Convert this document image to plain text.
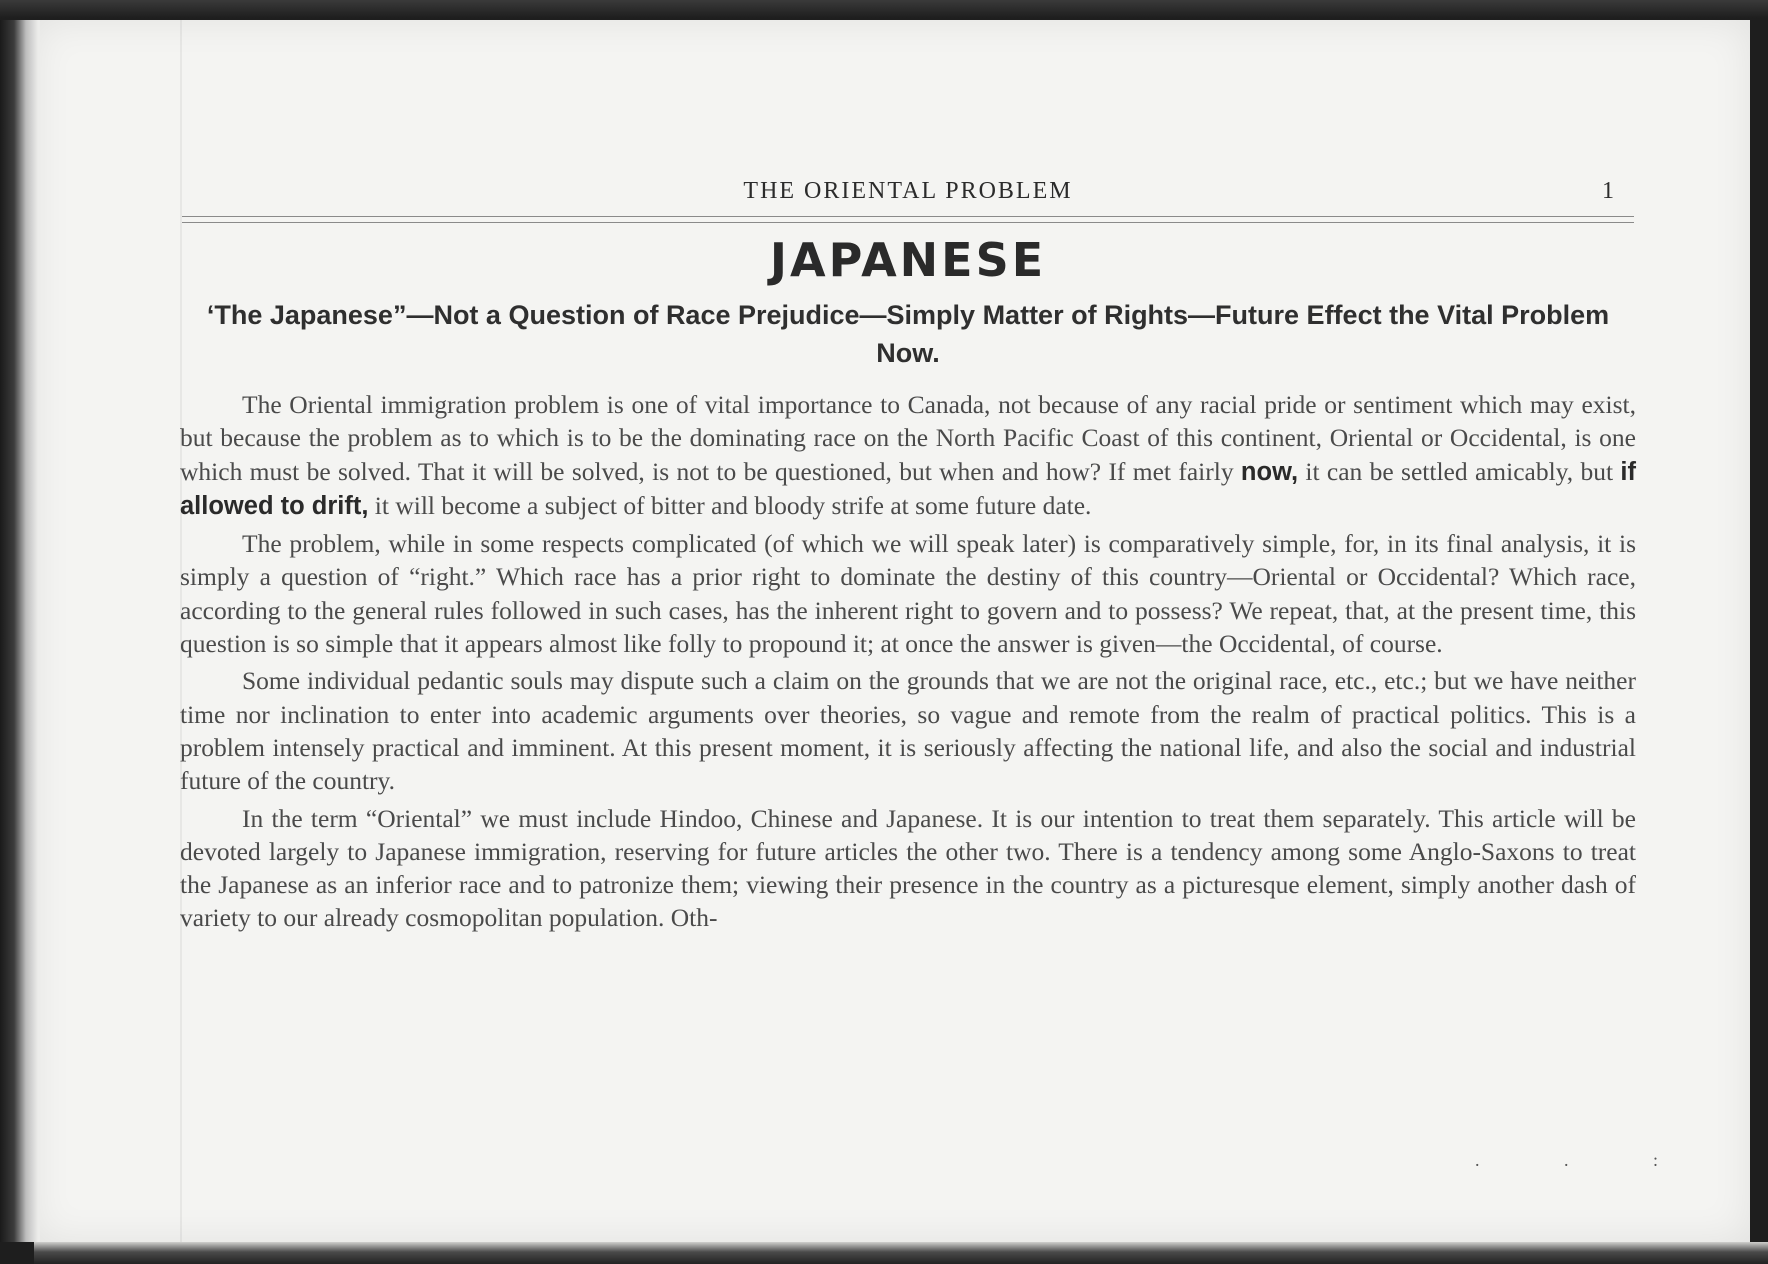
THE ORIENTAL PROBLEM	1
JAPANESE
‘The Japanese”—Not a Question of Race Prejudice—Simply Matter of Rights—Future Effect the Vital Problem Now.

The Oriental immigration problem is one of vital importance to Canada, not because of any racial pride or sentiment which may exist, but because the problem as to which is to be the dominating race on the North Pacific Coast of this continent, Oriental or Occidental, is one which must be solved. That it will be solved, is not to be questioned, but when and how? If met fairly now, it can be settled amicably, but if allowed to drift, it will become a subject of bitter and bloody strife at some future date.

The problem, while in some respects complicated (of which we will speak later) is comparatively simple, for, in its final analysis, it is simply a question of “right.” Which race has a prior right to dominate the destiny of this country—Oriental or Occidental? Which race, according to the general rules followed in such cases, has the inherent right to govern and to possess? We repeat, that, at the present time, this question is so simple that it appears almost like folly to propound it; at once the answer is given—the Occidental, of course.

Some individual pedantic souls may dispute such a claim on the grounds that we are not the original race, etc., etc.; but we have neither time nor inclination to enter into academic arguments over theories, so vague and remote from the realm of practical politics. This is a problem intensely practical and imminent. At this present moment, it is seriously affecting the national life, and also the social and industrial future of the country.

In the term “Oriental” we must include Hindoo, Chinese and Japanese. It is our intention to treat them separately. This article will be devoted largely to Japanese immigration, reserving for future articles the other two. There is a tendency among some Anglo-Saxons to treat the Japanese as an inferior race and to patronize them; viewing their presence in the country as a picturesque element, simply another dash of variety to our already cosmopolitan population. Oth-

. . :
